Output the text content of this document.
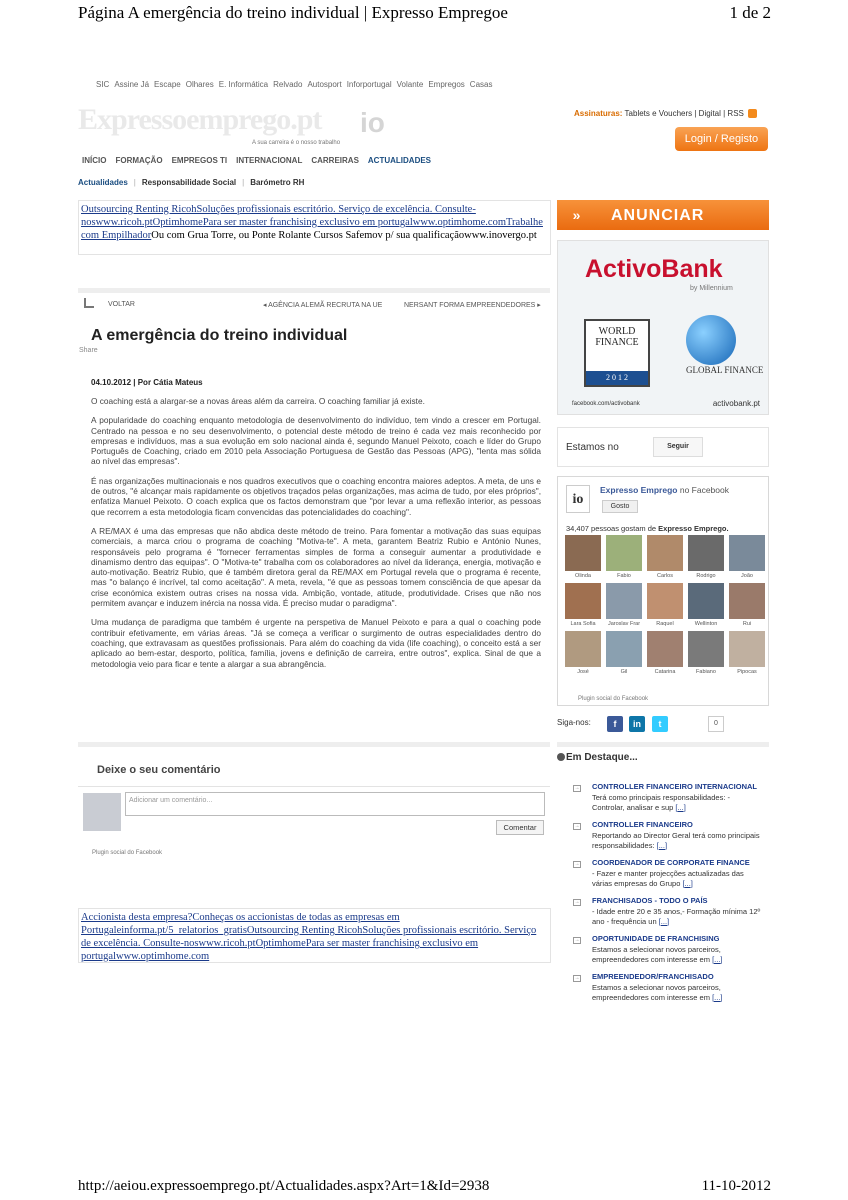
Página A emergência do treino individual | Expresso Empregoe	1 de 2
SIC Assine Já Escape Olhares E. Informática Relvado Autosport Inforportugal Volante Empregos Casas
Expressoemprego.pt	io
A sua carreira é o nosso trabalho
Assinaturas: Tablets e Vouchers | Digital | RSS
Login / Registo
INÍCIO FORMAÇÃO EMPREGOS TI INTERNACIONAL CARREIRAS ACTUALIDADES
Actualidades | Responsabilidade Social | Barómetro RH
Outsourcing Renting RicohSoluções profissionais escritório. Serviço de excelência. Consulte-noswww.ricoh.ptOptimhomePara ser master franchising exclusivo em portugalwww.optimhome.comTrabalhe com EmpilhadorOu com Grua Torre, ou Ponte Rolante Cursos Safemov p/ sua qualificaçãowww.inovergo.pt
» ANUNCIAR
ActivoBank
by Millennium
WORLD
FINANCE
2 0 1 2
GLOBAL FINANCE
facebook.com/activobank	activobank.pt
Estamos no	Seguir
io
Expresso Emprego no Facebook
Gosto
34,407 pessoas gostam de Expresso Emprego.
Olinda	Fabio	Carlos	Rodrigo	João
Lara Sofia	Jaroslav Frar	Raquel	Wellinton	Rui
José	Gil	Catarina	Fabiano	Pipocas
Plugin social do Facebook
Siga-nos:	f	in	t	0
Em Destaque...
→ CONTROLLER FINANCEIRO INTERNACIONAL
Terá como principais responsabilidades: - Controlar, analisar e sup [...]
→ CONTROLLER FINANCEIRO
Reportando ao Director Geral terá como principais responsabilidades: [...]
→ COORDENADOR DE CORPORATE FINANCE
- Fazer e manter projecções actualizadas das várias empresas do Grupo [...]
→ FRANCHISADOS - TODO O PAÍS
- Idade entre 20 e 35 anos,- Formação mínima 12º ano - frequência un [...]
→ OPORTUNIDADE DE FRANCHISING
Estamos a selecionar novos parceiros, empreendedores com interesse em [...]
→ EMPREENDEDOR/FRANCHISADO
Estamos a selecionar novos parceiros, empreendedores com interesse em [...]
VOLTAR	◂ AGÊNCIA ALEMÃ RECRUTA NA UE	NERSANT FORMA EMPREENDEDORES ▸
A emergência do treino individual
Share
04.10.2012 | Por Cátia Mateus

O coaching está a alargar-se a novas áreas além da carreira. O coaching familiar já existe.

A popularidade do coaching enquanto metodologia de desenvolvimento do indivíduo, tem vindo a crescer em Portugal. Centrado na pessoa e no seu desenvolvimento, o potencial deste método de treino é cada vez mais reconhecido por empresas e indivíduos, mas a sua evolução em solo nacional ainda é, segundo Manuel Peixoto, coach e líder do Grupo Português de Coaching, criado em 2010 pela Associação Portuguesa de Gestão das Pessoas (APG), "lenta mas sólida ao nível das empresas".

É nas organizações multinacionais e nos quadros executivos que o coaching encontra maiores adeptos. A meta, de uns e de outros, "é alcançar mais rapidamente os objetivos traçados pelas organizações, mas acima de tudo, por eles próprios", enfatiza Manuel Peixoto. O coach explica que os factos demonstram que "por levar a uma reflexão interior, as pessoas que recorrem a esta metodologia ficam convencidas das potencialidades do coaching".

A RE/MAX é uma das empresas que não abdica deste método de treino. Para fomentar a motivação das suas equipas comerciais, a marca criou o programa de coaching "Motiva-te". A meta, garantem Beatriz Rubio e António Nunes, responsáveis pelo programa é "fornecer ferramentas simples de forma a conseguir aumentar a produtividade e dinamismo dentro das equipas". O "Motiva-te" trabalha com os colaboradores ao nível da liderança, energia, motivação e auto-motivação. Beatriz Rubio, que é também diretora geral da RE/MAX em Portugal revela que o programa é recente, mas "o balanço é incrível, tal como aceitação". A meta, revela, "é que as pessoas tomem consciência de que apesar da crise económica existem outras crises na nossa vida. Ambição, vontade, atitude, produtividade. Crises que não nos permitem avançar e induzem inércia na nossa vida. É preciso mudar o paradigma".

Uma mudança de paradigma que também é urgente na perspetiva de Manuel Peixoto e para a qual o coaching pode contribuir efetivamente, em várias áreas. "Já se começa a verificar o surgimento de outras especialidades dentro do coaching, que extravasam as questões profissionais. Para além do coaching da vida (life coaching), o conceito está a ser aplicado ao bem-estar, desporto, política, família, jovens e definição de carreira, entre outros", explica. Sinal de que a metodologia veio para ficar e tente a alargar a sua abrangência.

Deixe o seu comentário
Adicionar um comentário...
Comentar
Plugin social do Facebook
Accionista desta empresa?Conheças os accionistas de todas as empresas em Portugaleinforma.pt/5_relatorios_gratisOutsourcing Renting RicohSoluções profissionais escritório. Serviço de excelência. Consulte-noswww.ricoh.ptOptimhomePara ser master franchising exclusivo em portugalwww.optimhome.com
http://aeiou.expressoemprego.pt/Actualidades.aspx?Art=1&Id=2938	11-10-2012
